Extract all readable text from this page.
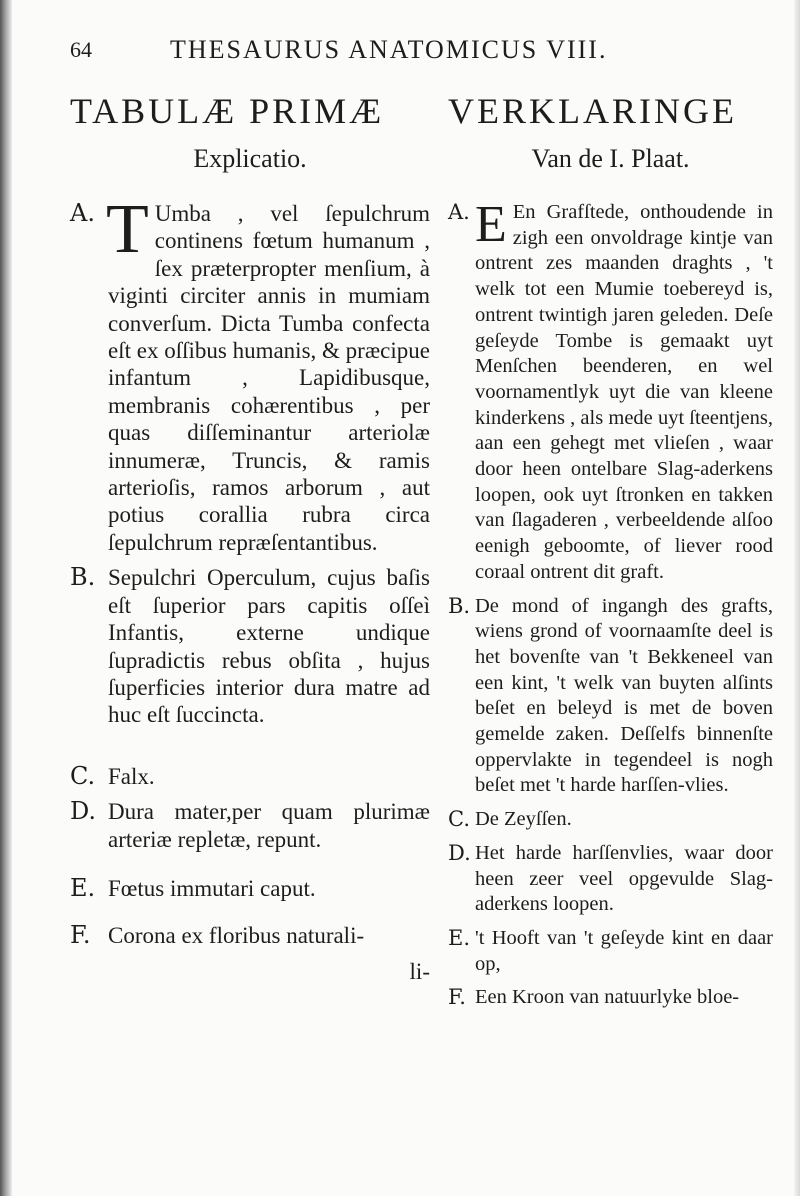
64	THESAURUS ANATOMICUS VIII.
TABULÆ PRIMÆ
Explicatio.
A. T Umba , vel ſepulchrum continens fœtum humanum , ſex præterpropter menſium, à viginti circiter annis in mumiam converſum. Dicta Tumba confecta eſt ex oſſibus humanis, & præcipue infantum , Lapidibusque, membranis cohærentibus , per quas diſſeminantur arteriolæ innumeræ, Truncis, & ramis arterioſis, ramos arborum , aut potius corallia rubra circa ſepulchrum repræſentantibus.
B. Sepulchri Operculum, cujus baſis eſt ſuperior pars capitis oſſeì Infantis, externe undique ſupradictis rebus obſita , hujus ſuperficies interior dura matre ad huc eſt ſuccincta.
C. Falx.
D. Dura mater,per quam plurimæ arteriæ repletæ, repunt.
E. Fœtus immutari caput.
F. Corona ex floribus naturali-
li-
VERKLARINGE
Van de I. Plaat.
A. E En Grafſtede, onthoudende in zigh een onvoldrage kintje van ontrent zes maanden draghts , 't welk tot een Mumie toebereyd is, ontrent twintigh jaren geleden. Deſe geſeyde Tombe is gemaakt uyt Menſchen beenderen, en wel voornamentlyk uyt die van kleene kinderkens , als mede uyt ſteentjens, aan een gehegt met vlieſen , waar door heen ontelbare Slag-aderkens loopen, ook uyt ſtronken en takken van ſlagaderen , verbeeldende alſoo eenigh geboomte, of liever rood coraal ontrent dit graft.
B. De mond of ingangh des grafts, wiens grond of voornaamſte deel is het bovenſte van 't Bekkeneel van een kint, 't welk van buyten alſints beſet en beleyd is met de boven gemelde zaken. Deſſelfs binnenſte oppervlakte in tegendeel is nogh beſet met 't harde harſſen-vlies.
C. De Zeyſſen.
D. Het harde harſſenvlies, waar door heen zeer veel opgevulde Slag-aderkens loopen.
E. 't Hooft van 't geſeyde kint en daar op,
F. Een Kroon van natuurlyke bloe-
